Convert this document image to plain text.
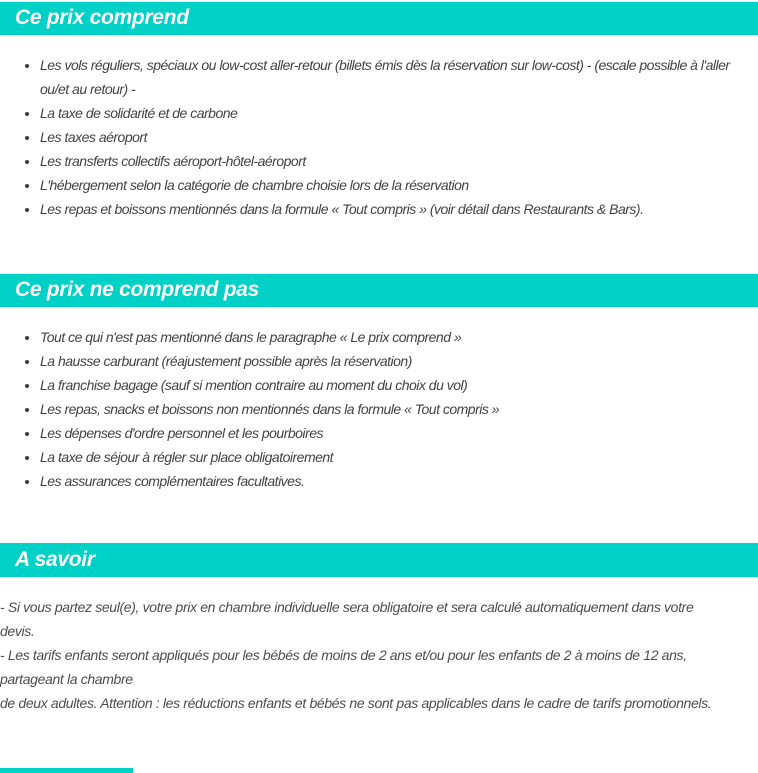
Ce prix comprend
• Les vols réguliers, spéciaux ou low-cost aller-retour (billets émis dès la réservation sur low-cost) - (escale possible à l'aller ou/et au retour) -
• La taxe de solidarité et de carbone
• Les taxes aéroport
• Les transferts collectifs aéroport-hôtel-aéroport
• L'hébergement selon la catégorie de chambre choisie lors de la réservation
• Les repas et boissons mentionnés dans la formule « Tout compris » (voir détail dans Restaurants & Bars).
Ce prix ne comprend pas
• Tout ce qui n'est pas mentionné dans le paragraphe « Le prix comprend »
• La hausse carburant (réajustement possible après la réservation)
• La franchise bagage (sauf si mention contraire au moment du choix du vol)
• Les repas, snacks et boissons non mentionnés dans la formule « Tout compris »
• Les dépenses d'ordre personnel et les pourboires
• La taxe de séjour à régler sur place obligatoirement
• Les assurances complémentaires facultatives.
A savoir

- Si vous partez seul(e), votre prix en chambre individuelle sera obligatoire et sera calculé automatiquement dans votre

devis.

- Les tarifs enfants seront appliqués pour les bébés de moins de 2 ans et/ou pour les enfants de 2 à moins de 12 ans,

partageant la chambre

de deux adultes. Attention : les réductions enfants et bébés ne sont pas applicables dans le cadre de tarifs promotionnels.
